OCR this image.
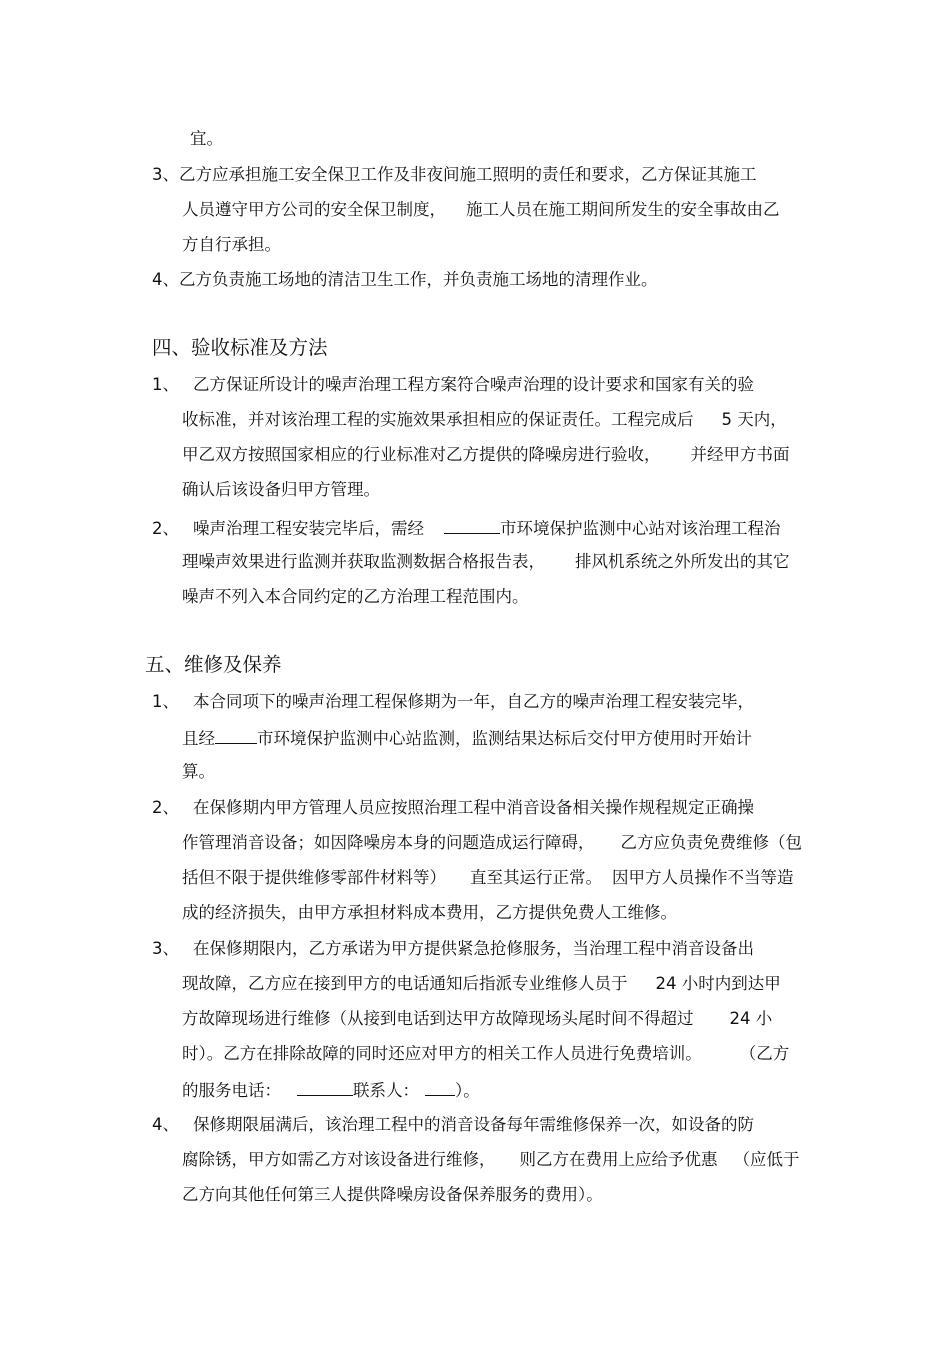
宜。
3、乙方应承担施工安全保卫工作及非夜间施工照明的责任和要求，乙方保证其施工
人员遵守甲方公司的安全保卫制度， 施工人员在施工期间所发生的安全事故由乙
方自行承担。
4、乙方负责施工场地的清洁卫生工作，并负责施工场地的清理作业。
四、验收标准及方法
1、 乙方保证所设计的噪声治理工程方案符合噪声治理的设计要求和国家有关的验
收标准，并对该治理工程的实施效果承担相应的保证责任。工程完成后 5 天内，
甲乙双方按照国家相应的行业标准对乙方提供的降噪房进行验收， 并经甲方书面
确认后该设备归甲方管理。
2、 噪声治理工程安装完毕后，需经	市环境保护监测中心站对该治理工程治
理噪声效果进行监测并获取监测数据合格报告表， 排风机系统之外所发出的其它
噪声不列入本合同约定的乙方治理工程范围内。
五、维修及保养
1、 本合同项下的噪声治理工程保修期为一年，自乙方的噪声治理工程安装完毕，
且经	市环境保护监测中心站监测，监测结果达标后交付甲方使用时开始计
算。
2、 在保修期内甲方管理人员应按照治理工程中消音设备相关操作规程规定正确操
作管理消音设备；如因降噪房本身的问题造成运行障碍， 乙方应负责免费维修（包
括但不限于提供维修零部件材料等） 直至其运行正常。 因甲方人员操作不当等造
成的经济损失，由甲方承担材料成本费用，乙方提供免费人工维修。
3、 在保修期限内，乙方承诺为甲方提供紧急抢修服务，当治理工程中消音设备出
现故障，乙方应在接到甲方的电话通知后指派专业维修人员于 24 小时内到达甲
方故障现场进行维修（从接到电话到达甲方故障现场头尾时间不得超过 24 小
时）。乙方在排除故障的同时还应对甲方的相关工作人员进行免费培训。 （乙方
的服务电话：	联系人： ）。
4、 保修期限届满后，该治理工程中的消音设备每年需维修保养一次，如设备的防
腐除锈，甲方如需乙方对该设备进行维修， 则乙方在费用上应给予优惠 （应低于
乙方向其他任何第三人提供降噪房设备保养服务的费用）。
